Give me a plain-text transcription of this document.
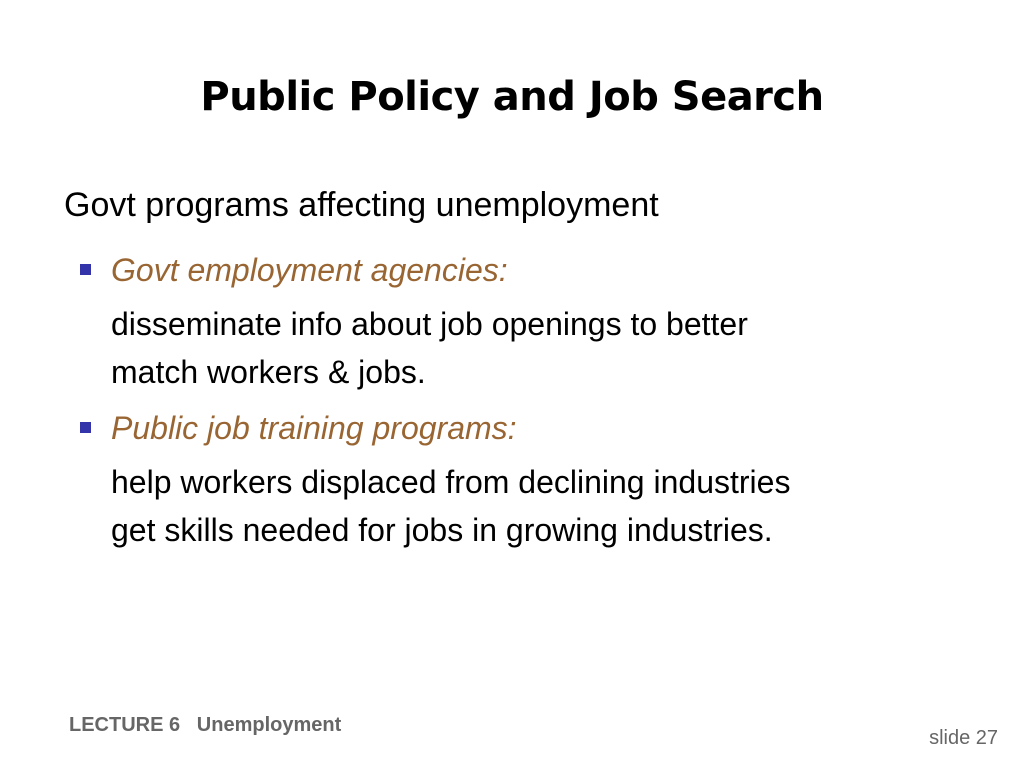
Public Policy and Job Search
Govt programs affecting unemployment
Govt employment agencies:
disseminate info about job openings to better
match workers & jobs.
Public job training programs:
help workers displaced from declining industries
get skills needed for jobs in growing industries.
LECTURE 6   Unemployment
slide 27
